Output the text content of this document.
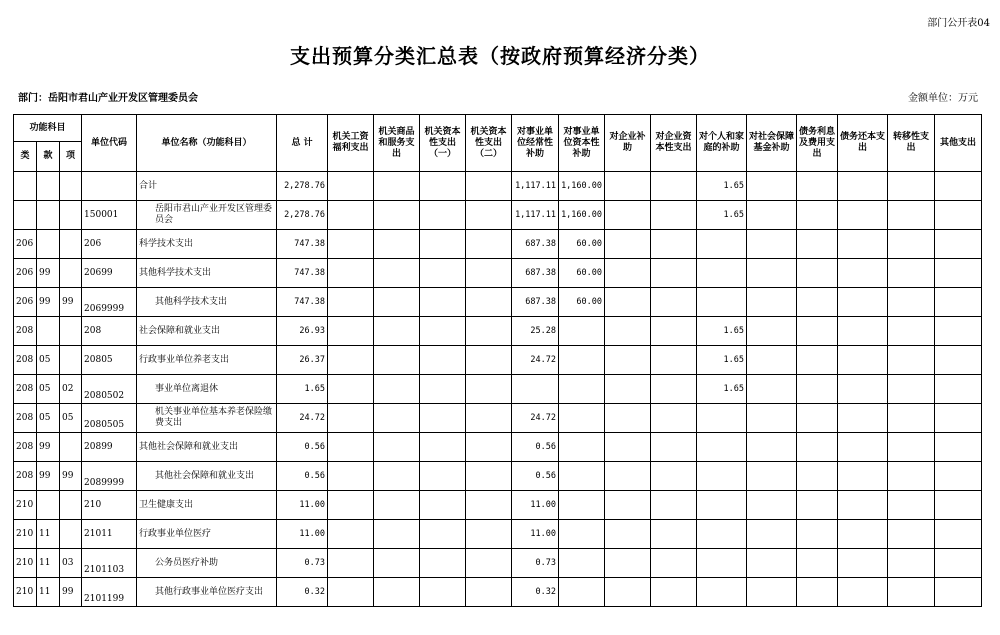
部门公开表04
支出预算分类汇总表（按政府预算经济分类）
部门：岳阳市君山产业开发区管理委员会	金额单位：万元
功能科目			单位代码	单位名称（功能科目）	总 计	机关工资福利支出	机关商品和服务支出	机关资本性支出（一）	机关资本性支出（二）	对事业单位经常性补助	对事业单位资本性补助	对企业补助	对企业资本性支出	对个人和家庭的补助	对社会保障基金补助	债务利息及费用支出	债务还本支出	转移性支出	其他支出
类	款	项																	
				合计	2,278.76					1,117.11	1,160.00			1.65					
			150001	岳阳市君山产业开发区管理委员会	2,278.76					1,117.11	1,160.00			1.65					
206			206	科学技术支出	747.38					687.38	60.00								
206	99		20699	其他科学技术支出	747.38					687.38	60.00								
206	99	99	2069999	其他科学技术支出	747.38					687.38	60.00								
208			208	社会保障和就业支出	26.93					25.28				1.65					
208	05		20805	行政事业单位养老支出	26.37					24.72				1.65					
208	05	02	2080502	事业单位离退休	1.65									1.65					
208	05	05	2080505	机关事业单位基本养老保险缴费支出	24.72					24.72									
208	99		20899	其他社会保障和就业支出	0.56					0.56									
208	99	99	2089999	其他社会保障和就业支出	0.56					0.56									
210			210	卫生健康支出	11.00					11.00									
210	11		21011	行政事业单位医疗	11.00					11.00									
210	11	03	2101103	公务员医疗补助	0.73					0.73									
210	11	99	2101199	其他行政事业单位医疗支出	0.32					0.32									
